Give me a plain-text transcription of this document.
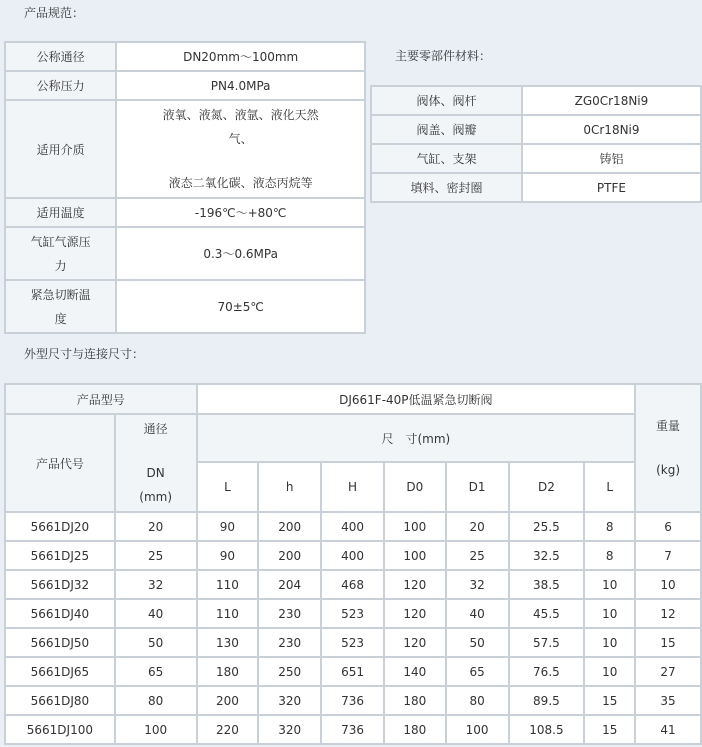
产品规范：
主要零部件材料：
外型尺寸与连接尺寸：
公称通径	DN20mm～100mm
公称压力	PN4.0MPa
适用介质	液氧、液氮、液氩、液化天然
气、
液态二氧化碳、液态丙烷等

适用温度	-196℃～+80℃

气缸气源压
力	0.3～0.6MPa

紧急切断温
度	70±5℃
阀体、阀杆	ZG0Cr18Ni9
阀盖、阀瓣	0Cr18Ni9
气缸、支架	铸铝
填料、密封圈	PTFE
产品型号		DJ661F-40P低温紧急切断阀							重量
(kg)

产品代号	通径
DN
(mm)	尺　寸(mm)							
		L	h	H	D0	D1	D2	L	
5661DJ20	20	90	200	400	100	20	25.5	8	6
5661DJ25	25	90	200	400	100	25	32.5	8	7
5661DJ32	32	110	204	468	120	32	38.5	10	10
5661DJ40	40	110	230	523	120	40	45.5	10	12
5661DJ50	50	130	230	523	120	50	57.5	10	15
5661DJ65	65	180	250	651	140	65	76.5	10	27
5661DJ80	80	200	320	736	180	80	89.5	15	35
5661DJ100	100	220	320	736	180	100	108.5	15	41
